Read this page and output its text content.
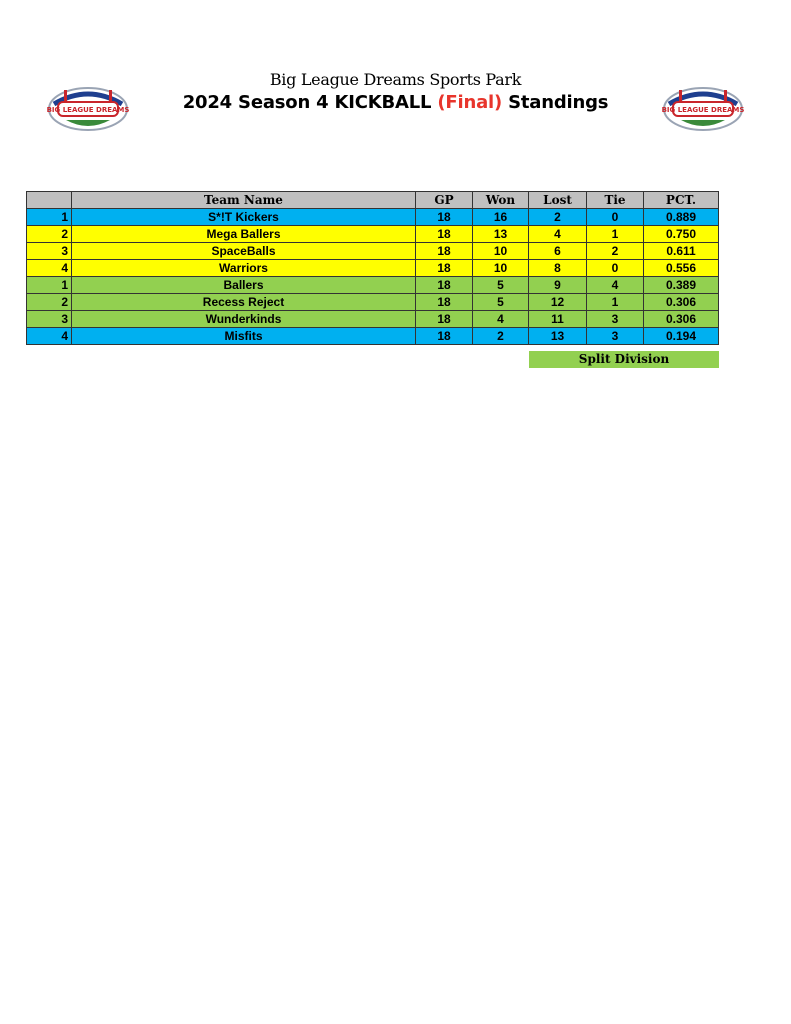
BIG LEAGUE DREAMS	BIG LEAGUE DREAMS
Big League Dreams Sports Park
2024 Season 4 KICKBALL (Final) Standings
	Team Name	GP	Won	Lost	Tie	PCT.
1	S*!T Kickers	18	16	2	0	0.889
2	Mega Ballers	18	13	4	1	0.750
3	SpaceBalls	18	10	6	2	0.611
4	Warriors	18	10	8	0	0.556
1	Ballers	18	5	9	4	0.389
2	Recess Reject	18	5	12	1	0.306
3	Wunderkinds	18	4	11	3	0.306
4	Misfits	18	2	13	3	0.194
Split Division
